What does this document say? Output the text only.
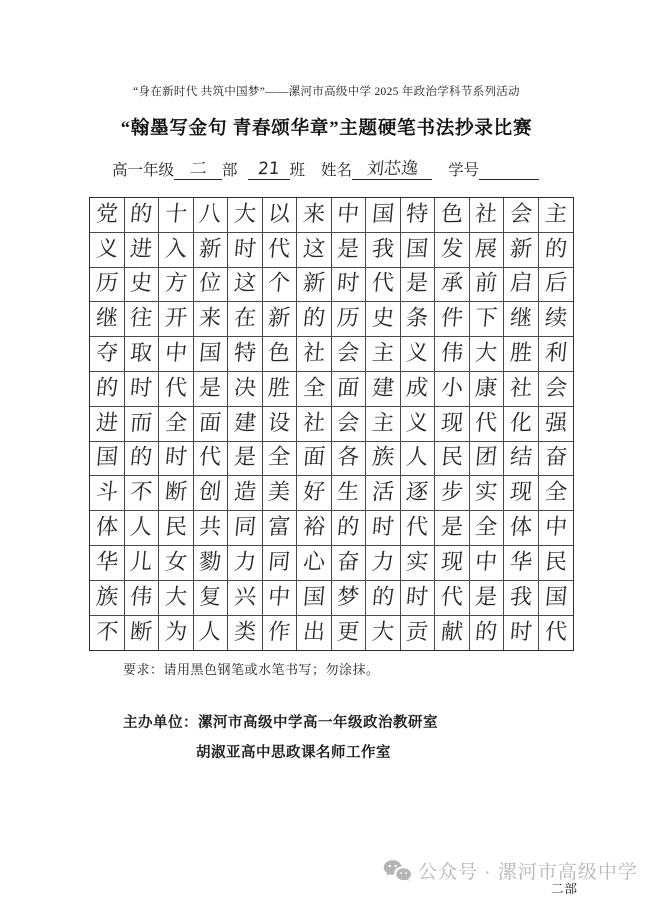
“身在新时代 共筑中国梦”——漯河市高级中学 2025 年政治学科节系列活动
“翰墨写金句 青春颂华章”主题硬笔书法抄录比赛
高一年级 二 部	21 班 姓名 刘芯逸	学号
党 的 十 八 大 以 来 中 国 特 色 社 会 主
义 进 入 新 时 代 这 是 我 国 发 展 新 的
历 史 方 位 这 个 新 时 代 是 承 前 启 后
继 往 开 来 在 新 的 历 史 条 件 下 继 续
夺 取 中 国 特 色 社 会 主 义 伟 大 胜 利
的 时 代 是 决 胜 全 面 建 成 小 康 社 会
进 而 全 面 建 设 社 会 主 义 现 代 化 强
国 的 时 代 是 全 面 各 族 人 民 团 结 奋
斗 不 断 创 造 美 好 生 活 逐 步 实 现 全
体 人 民 共 同 富 裕 的 时 代 是 全 体 中
华 儿 女 勠 力 同 心 奋 力 实 现 中 华 民
族 伟 大 复 兴 中 国 梦 的 时 代 是 我 国
不 断 为 人 类 作 出 更 大 贡 献 的 时 代
要求：请用黑色钢笔或水笔书写；勿涂抹。
主办单位：漯河市高级中学高一年级政治教研室
胡淑亚高中思政课名师工作室
公众号 · 漯河市高级中学
二部
